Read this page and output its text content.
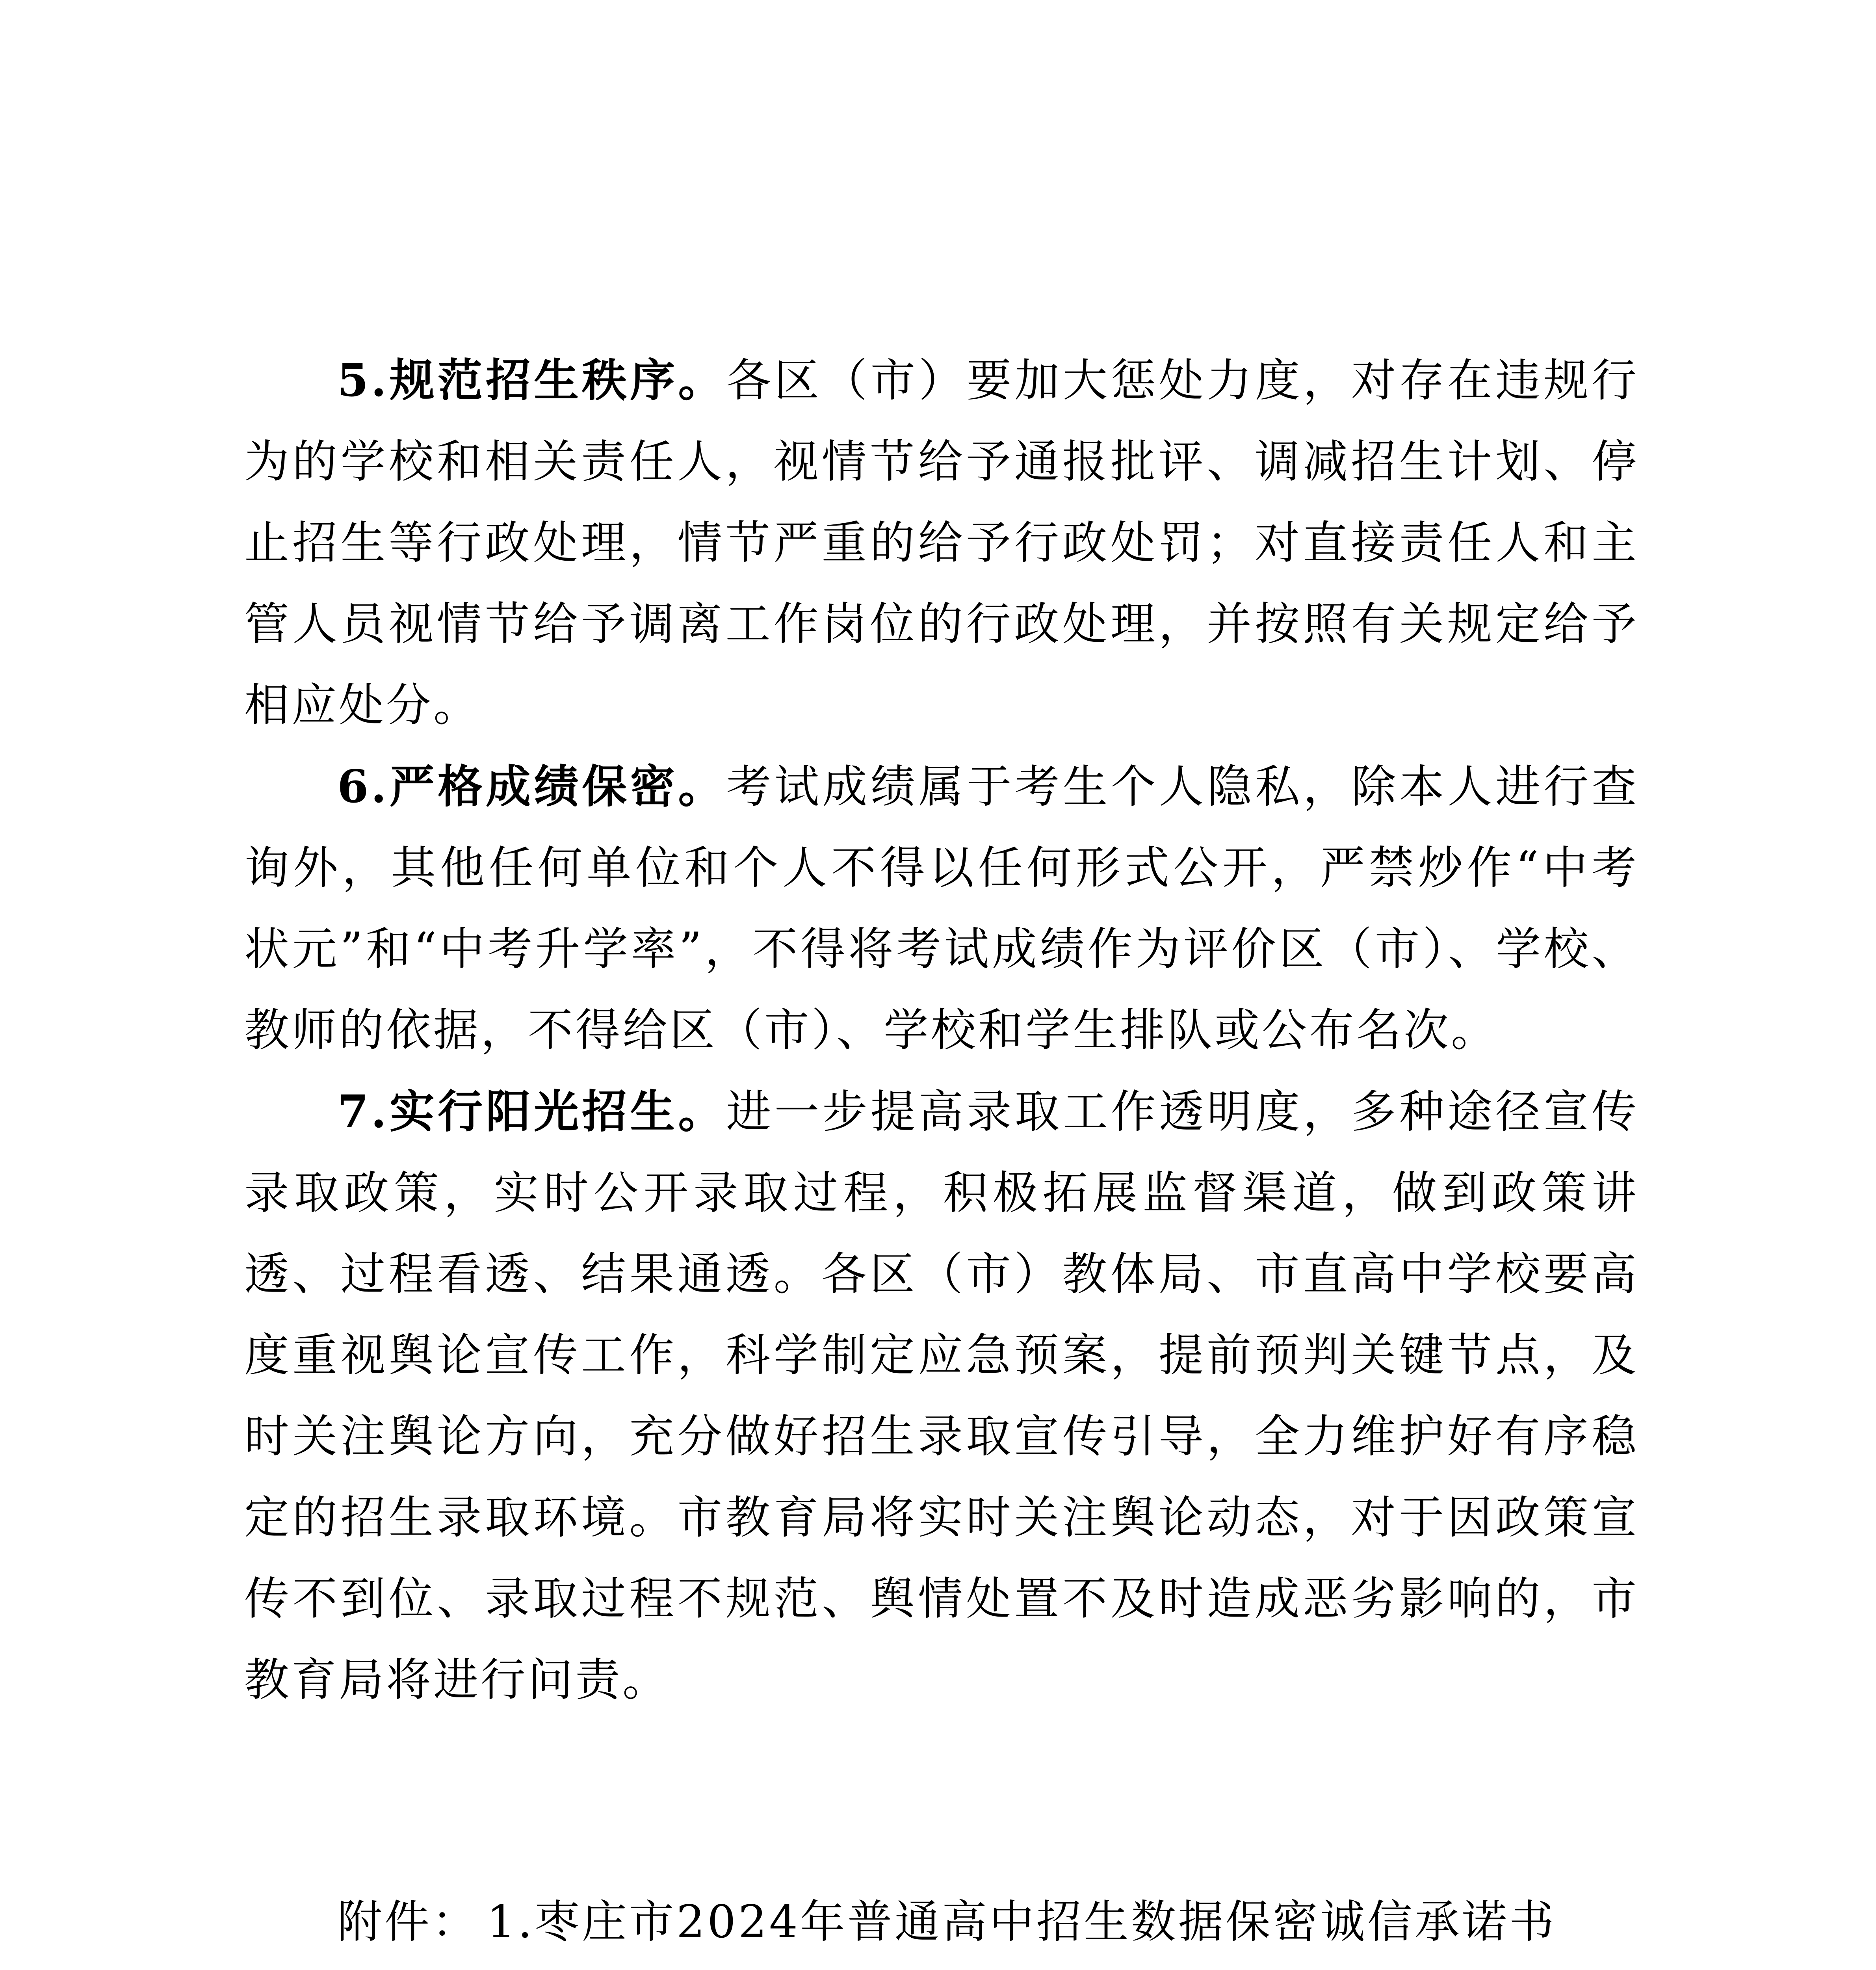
5.规范招生秩序。各区（市）要加大惩处力度，对存在违规行为的学校和相关责任人，视情节给予通报批评、调减招生计划、停止招生等行政处理，情节严重的给予行政处罚；对直接责任人和主管人员视情节给予调离工作岗位的行政处理，并按照有关规定给予相应处分。

6.严格成绩保密。考试成绩属于考生个人隐私，除本人进行查询外，其他任何单位和个人不得以任何形式公开，严禁炒作“中考状元”和“中考升学率”，不得将考试成绩作为评价区（市）、学校、教师的依据，不得给区（市）、学校和学生排队或公布名次。

7.实行阳光招生。进一步提高录取工作透明度，多种途径宣传录取政策，实时公开录取过程，积极拓展监督渠道，做到政策讲透、过程看透、结果通透。各区（市）教体局、市直高中学校要高度重视舆论宣传工作，科学制定应急预案，提前预判关键节点，及时关注舆论方向，充分做好招生录取宣传引导，全力维护好有序稳定的招生录取环境。市教育局将实时关注舆论动态，对于因政策宣传不到位、录取过程不规范、舆情处置不及时造成恶劣影响的，市教育局将进行问责。

附件： 1.枣庄市2024年普通高中招生数据保密诚信承诺书
